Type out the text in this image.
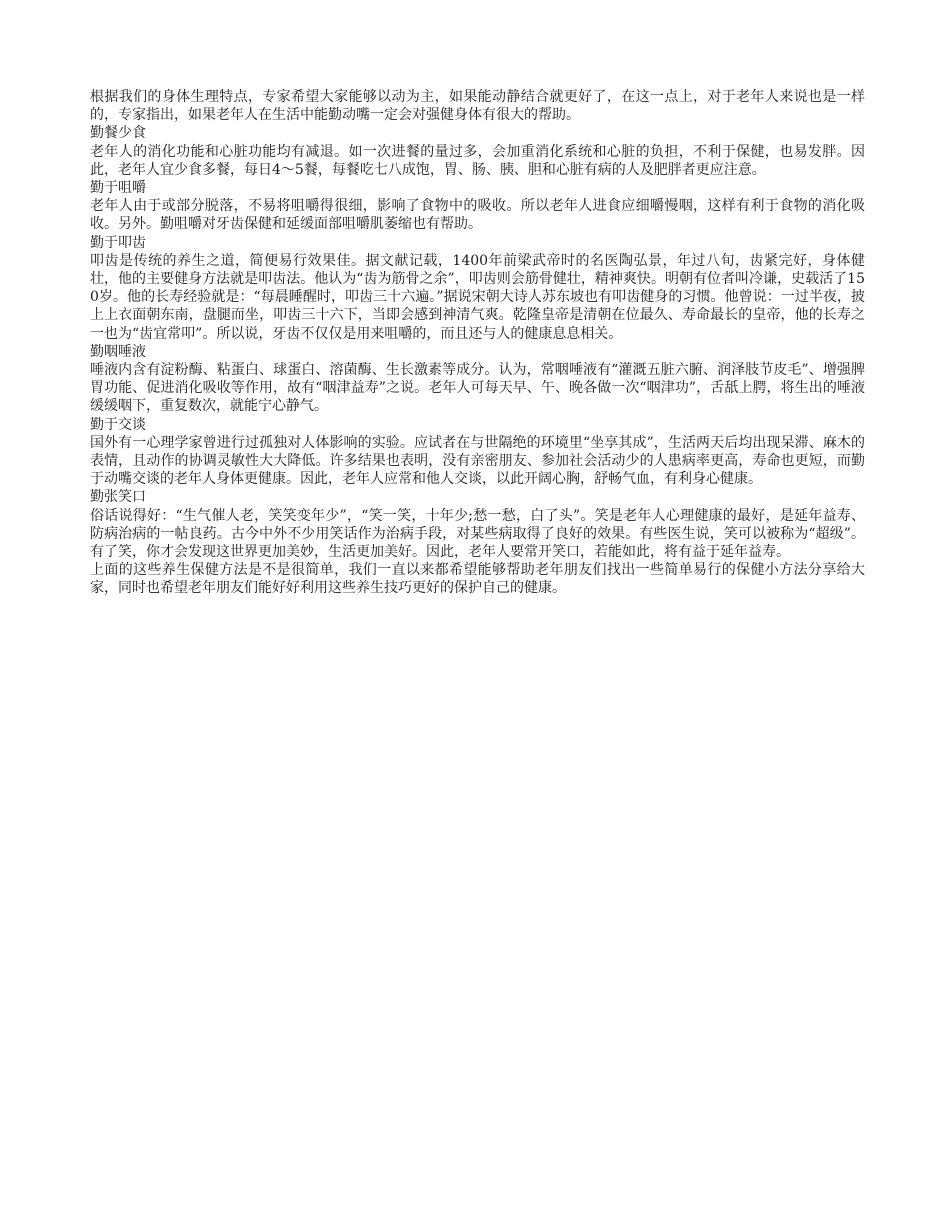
根据我们的身体生理特点，专家希望大家能够以动为主，如果能动静结合就更好了，在这一点上，对于老年人来说也是一样的，专家指出，如果老年人在生活中能勤动嘴一定会对强健身体有很大的帮助。

勤餐少食

老年人的消化功能和心脏功能均有减退。如一次进餐的量过多，会加重消化系统和心脏的负担，不利于保健，也易发胖。因此，老年人宜少食多餐，每日4～5餐，每餐吃七八成饱，胃、肠、胰、胆和心脏有病的人及肥胖者更应注意。

勤于咀嚼

老年人由于或部分脱落，不易将咀嚼得很细，影响了食物中的吸收。所以老年人进食应细嚼慢咽，这样有利于食物的消化吸收。另外。勤咀嚼对牙齿保健和延缓面部咀嚼肌萎缩也有帮助。

勤于叩齿

叩齿是传统的养生之道，简便易行效果佳。据文献记载，1400年前梁武帝时的名医陶弘景，年过八旬，齿紧完好，身体健壮，他的主要健身方法就是叩齿法。他认为“齿为筋骨之余”，叩齿则会筋骨健壮，精神爽快。明朝有位者叫冷谦，史载活了150岁。他的长寿经验就是：“每晨睡醒时，叩齿三十六遍。”据说宋朝大诗人苏东坡也有叩齿健身的习惯。他曾说：一过半夜，披上上衣面朝东南，盘腿而坐，叩齿三十六下，当即会感到神清气爽。乾隆皇帝是清朝在位最久、寿命最长的皇帝，他的长寿之一也为“齿宜常叩”。所以说，牙齿不仅仅是用来咀嚼的，而且还与人的健康息息相关。

勤咽唾液

唾液内含有淀粉酶、粘蛋白、球蛋白、溶菌酶、生长激素等成分。认为，常咽唾液有“灌溉五脏六腑、润泽肢节皮毛”、增强脾胃功能、促进消化吸收等作用，故有“咽津益寿”之说。老年人可每天早、午、晚各做一次“咽津功”，舌舐上腭，将生出的唾液缓缓咽下，重复数次，就能宁心静气。

勤于交谈

国外有一心理学家曾进行过孤独对人体影响的实验。应试者在与世隔绝的环境里“坐享其成”，生活两天后均出现呆滞、麻木的表情，且动作的协调灵敏性大大降低。许多结果也表明，没有亲密朋友、参加社会活动少的人患病率更高，寿命也更短，而勤于动嘴交谈的老年人身体更健康。因此，老年人应常和他人交谈，以此开阔心胸，舒畅气血，有利身心健康。

勤张笑口

俗话说得好：“生气催人老，笑笑变年少”，“笑一笑，十年少;愁一愁，白了头”。笑是老年人心理健康的最好，是延年益寿、防病治病的一帖良药。古今中外不少用笑话作为治病手段，对某些病取得了良好的效果。有些医生说，笑可以被称为“超级”。有了笑，你才会发现这世界更加美妙，生活更加美好。因此，老年人要常开笑口，若能如此，将有益于延年益寿。

上面的这些养生保健方法是不是很简单，我们一直以来都希望能够帮助老年朋友们找出一些简单易行的保健小方法分享给大家，同时也希望老年朋友们能好好利用这些养生技巧更好的保护自己的健康。
